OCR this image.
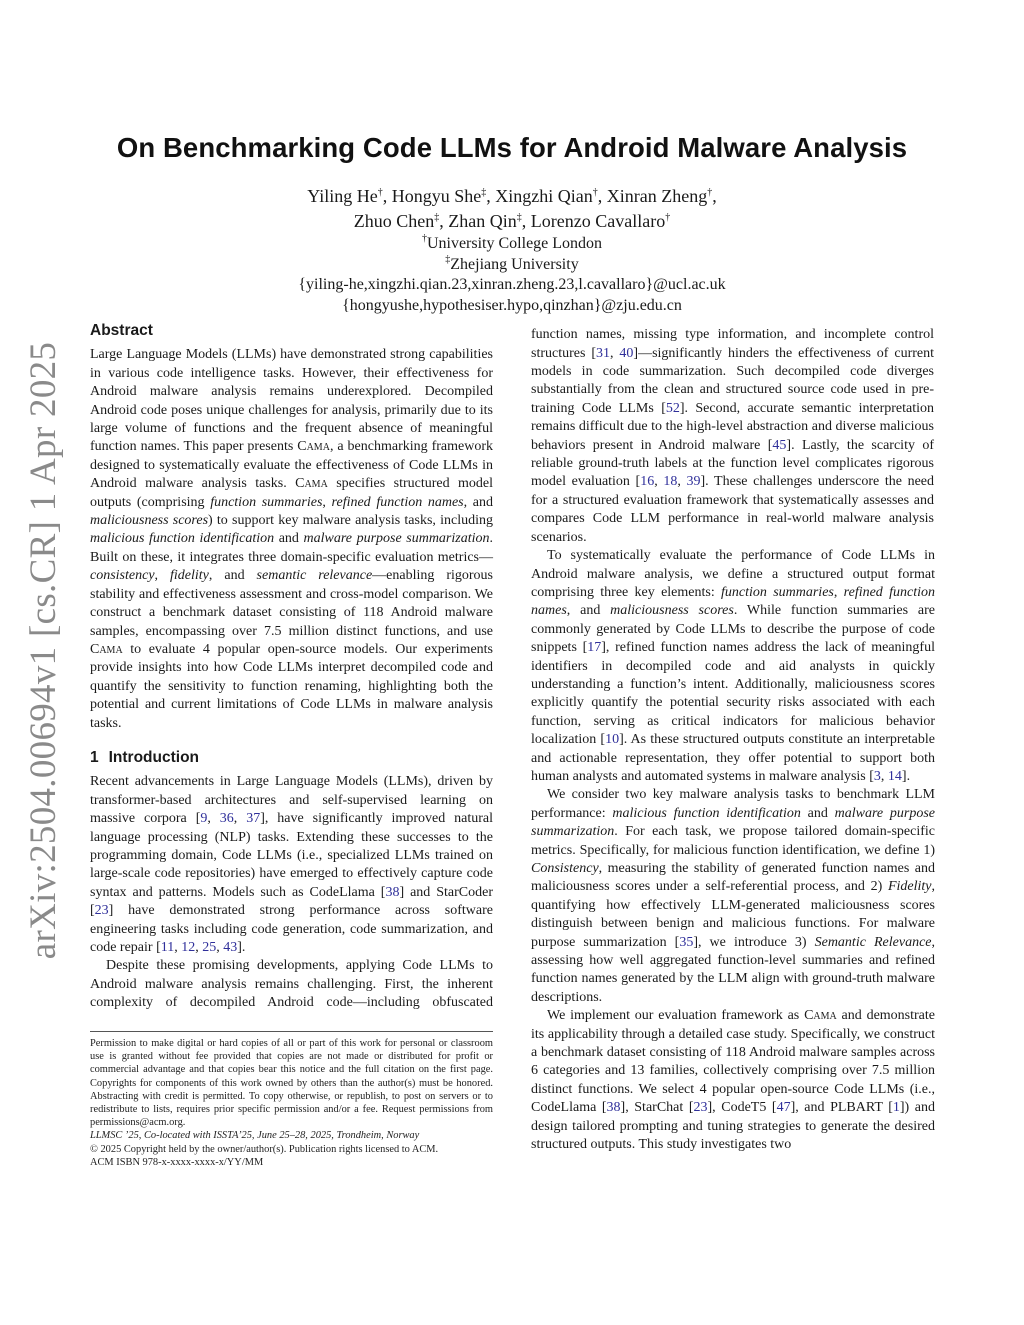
arXiv:2504.00694v1 [cs.CR] 1 Apr 2025
On Benchmarking Code LLMs for Android Malware Analysis
Yiling He†, Hongyu She‡, Xingzhi Qian†, Xinran Zheng†,
Zhuo Chen‡, Zhan Qin‡, Lorenzo Cavallaro†
†University College London
‡Zhejiang University
{yiling-he,xingzhi.qian.23,xinran.zheng.23,l.cavallaro}@ucl.ac.uk
{hongyushe,hypothesiser.hypo,qinzhan}@zju.edu.cn
Abstract

Large Language Models (LLMs) have demonstrated strong capabilities in various code intelligence tasks. However, their effectiveness for Android malware analysis remains underexplored. Decompiled Android code poses unique challenges for analysis, primarily due to its large volume of functions and the frequent absence of meaningful function names. This paper presents Cama, a benchmarking framework designed to systematically evaluate the effectiveness of Code LLMs in Android malware analysis tasks. Cama specifies structured model outputs (comprising function summaries, refined function names, and maliciousness scores) to support key malware analysis tasks, including malicious function identification and malware purpose summarization. Built on these, it integrates three domain-specific evaluation metrics—consistency, fidelity, and semantic relevance—enabling rigorous stability and effectiveness assessment and cross-model comparison. We construct a benchmark dataset consisting of 118 Android malware samples, encompassing over 7.5 million distinct functions, and use Cama to evaluate 4 popular open-source models. Our experiments provide insights into how Code LLMs interpret decompiled code and quantify the sensitivity to function renaming, highlighting both the potential and current limitations of Code LLMs in malware analysis tasks.

1 Introduction

Recent advancements in Large Language Models (LLMs), driven by transformer-based architectures and self-supervised learning on massive corpora [9, 36, 37], have significantly improved natural language processing (NLP) tasks. Extending these successes to the programming domain, Code LLMs (i.e., specialized LLMs trained on large-scale code repositories) have emerged to effectively capture code syntax and patterns. Models such as CodeLlama [38] and StarCoder [23] have demonstrated strong performance across software engineering tasks including code generation, code summarization, and code repair [11, 12, 25, 43].

Despite these promising developments, applying Code LLMs to Android malware analysis remains challenging. First, the inherent complexity of decompiled Android code—including obfuscated

function names, missing type information, and incomplete control structures [31, 40]—significantly hinders the effectiveness of current models in code summarization. Such decompiled code diverges substantially from the clean and structured source code used in pre-training Code LLMs [52]. Second, accurate semantic interpretation remains difficult due to the high-level abstraction and diverse malicious behaviors present in Android malware [45]. Lastly, the scarcity of reliable ground-truth labels at the function level complicates rigorous model evaluation [16, 18, 39]. These challenges underscore the need for a structured evaluation framework that systematically assesses and compares Code LLM performance in real-world malware analysis scenarios.

To systematically evaluate the performance of Code LLMs in Android malware analysis, we define a structured output format comprising three key elements: function summaries, refined function names, and maliciousness scores. While function summaries are commonly generated by Code LLMs to describe the purpose of code snippets [17], refined function names address the lack of meaningful identifiers in decompiled code and aid analysts in quickly understanding a function’s intent. Additionally, maliciousness scores explicitly quantify the potential security risks associated with each function, serving as critical indicators for malicious behavior localization [10]. As these structured outputs constitute an interpretable and actionable representation, they offer potential to support both human analysts and automated systems in malware analysis [3, 14].

We consider two key malware analysis tasks to benchmark LLM performance: malicious function identification and malware purpose summarization. For each task, we propose tailored domain-specific metrics. Specifically, for malicious function identification, we define 1) Consistency, measuring the stability of generated function names and maliciousness scores under a self-referential process, and 2) Fidelity, quantifying how effectively LLM-generated maliciousness scores distinguish between benign and malicious functions. For malware purpose summarization [35], we introduce 3) Semantic Relevance, assessing how well aggregated function-level summaries and refined function names generated by the LLM align with ground-truth malware descriptions.

We implement our evaluation framework as Cama and demonstrate its applicability through a detailed case study. Specifically, we construct a benchmark dataset consisting of 118 Android malware samples across 6 categories and 13 families, collectively comprising over 7.5 million distinct functions. We select 4 popular open-source Code LLMs (i.e., CodeLlama [38], StarChat [23], CodeT5 [47], and PLBART [1]) and design tailored prompting and tuning strategies to generate the desired structured outputs. This study investigates two

Permission to make digital or hard copies of all or part of this work for personal or classroom use is granted without fee provided that copies are not made or distributed for profit or commercial advantage and that copies bear this notice and the full citation on the first page. Copyrights for components of this work owned by others than the author(s) must be honored. Abstracting with credit is permitted. To copy otherwise, or republish, to post on servers or to redistribute to lists, requires prior specific permission and/or a fee. Request permissions from permissions@acm.org.

LLMSC ’25, Co-located with ISSTA’25, June 25–28, 2025, Trondheim, Norway

© 2025 Copyright held by the owner/author(s). Publication rights licensed to ACM.

ACM ISBN 978-x-xxxx-xxxx-x/YY/MM
